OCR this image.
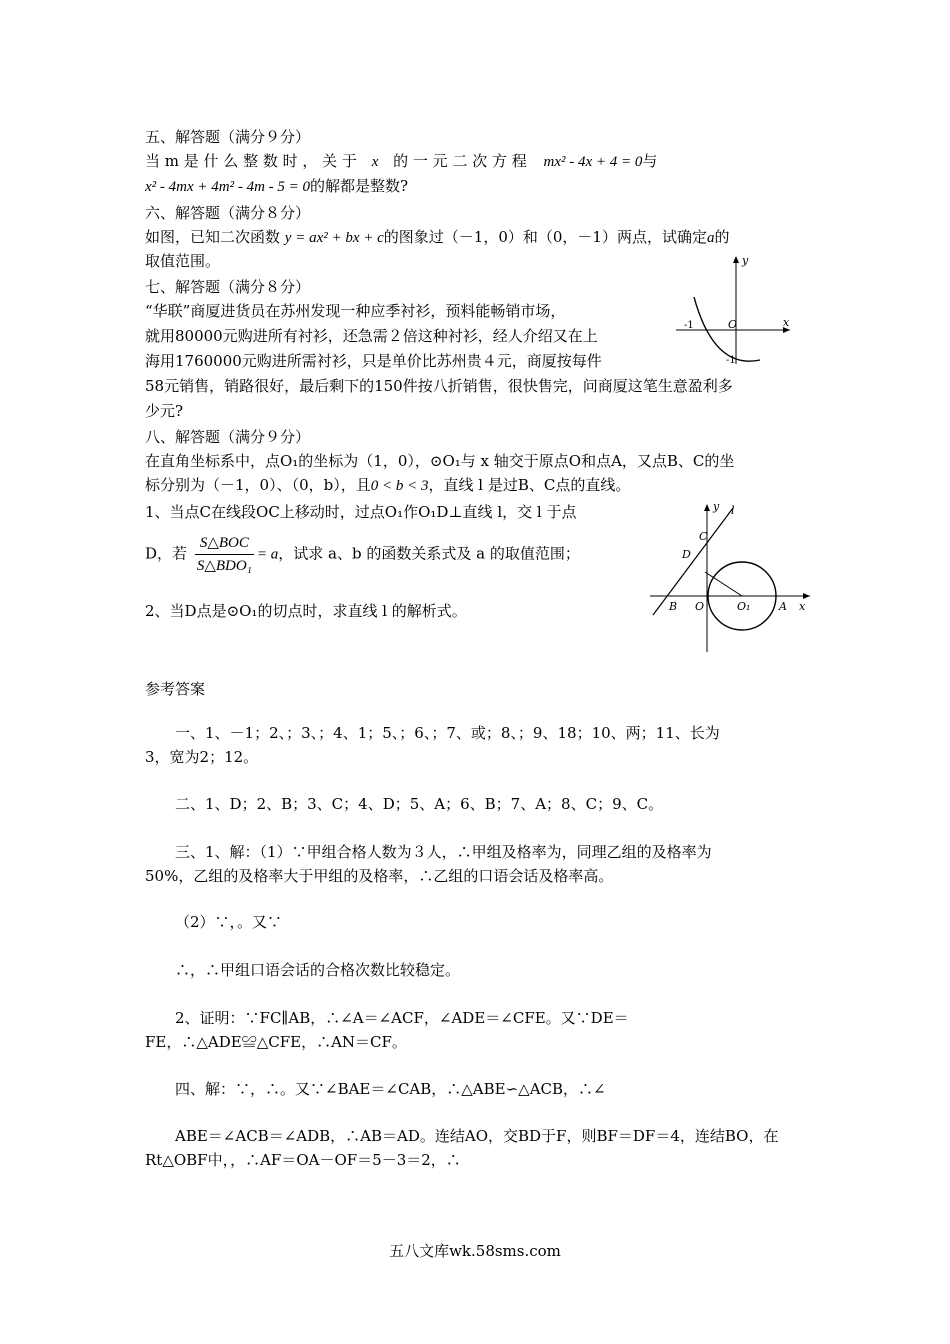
五、解答题（满分９分）
当 m 是 什 么 整 数 时 ， 关 于 x 的 一 元 二 次 方 程 mx² - 4x + 4 = 0与
x² - 4mx + 4m² - 4m - 5 = 0的解都是整数?
六、解答题（满分８分）
如图，已知二次函数 y = ax² + bx + c的图象过（－1，0）和（0，－1）两点，试确定a的
取值范围。
七、解答题（满分８分）
“华联”商厦进货员在苏州发现一种应季衬衫，预料能畅销市场，
就用80000元购进所有衬衫，还急需２倍这种衬衫，经人介绍又在上
海用1760000元购进所需衬衫，只是单价比苏州贵４元，商厦按每件
58元销售，销路很好，最后剩下的150件按八折销售，很快售完，问商厦这笔生意盈利多
少元?
y
x
-1	O
-1
八、解答题（满分９分）
在直角坐标系中，点O₁的坐标为（1，0），⊙O₁与 x 轴交于原点O和点A，又点B、C的坐
标分别为（－1，0）、（0，b），且0 < b < 3，直线 l 是过B、C点的直线。
1、当点C在线段OC上移动时，过点O₁作O₁D⊥直线 l，交 l 于点
D，若 $\frac{\text{S△BOC}}{\text{S△BDO₁}} = a$，试求 a、b 的函数关系式及 a 的取值范围；
2、当D点是⊙O₁的切点时，求直线 l 的解析式。
y l
C
D
B O	O₁	A x
参考答案
一、1、－1；2、；3、；4、1；5、；6、；7、或；8、；9、18；10、两；11、长为
3，宽为2；12。
二、1、D；2、B；3、C；4、D；5、A；6、B；7、A；8、C；9、C。
三、1、解：（1）∵甲组合格人数为３人，∴甲组及格率为，同理乙组的及格率为
50%，乙组的及格率大于甲组的及格率，∴乙组的口语会话及格率高。
（2）∵，。又∵
∴，∴甲组口语会话的合格次数比较稳定。
2、证明：∵FC∥AB，∴∠A＝∠ACF，∠ADE＝∠CFE。又∵DE＝
FE，∴△ADE≌△CFE，∴AN＝CF。
四、解：∵，∴。又∵∠BAE＝∠CAB，∴△ABE∽△ACB，∴∠
ABE＝∠ACB＝∠ADB，∴AB＝AD。连结AO，交BD于F，则BF＝DF＝4，连结BO，在
Rt△OBF中，，∴AF＝OA－OF＝5－3＝2，∴
五八文库wk.58sms.com
